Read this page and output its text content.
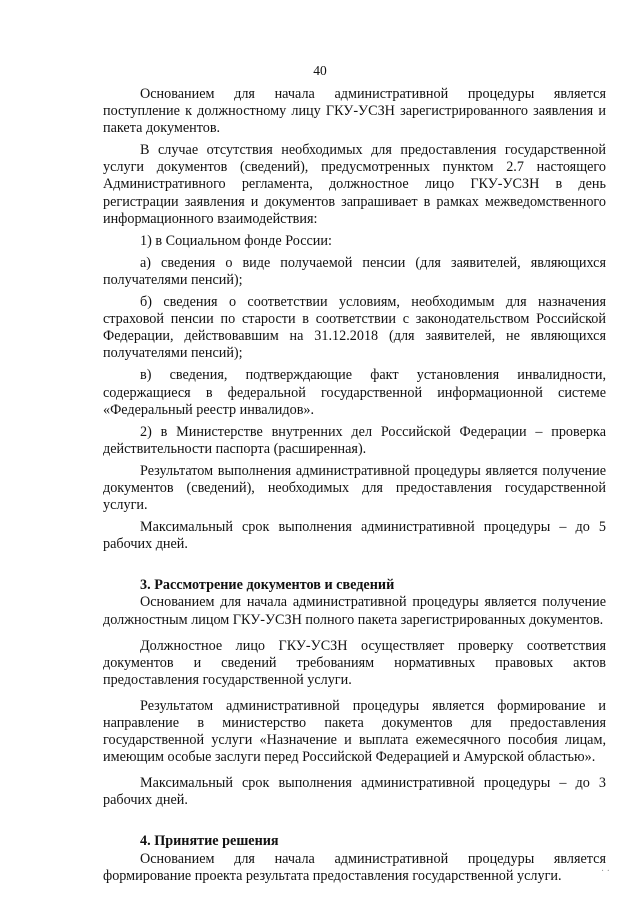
40

Основанием для начала административной процедуры является поступление к должностному лицу ГКУ-УСЗН зарегистрированного заявления и пакета документов.

В случае отсутствия необходимых для предоставления государственной услуги документов (сведений), предусмотренных пунктом 2.7 настоящего Административного регламента, должностное лицо ГКУ-УСЗН в день регистрации заявления и документов запрашивает в рамках межведомственного информационного взаимодействия:

1) в Социальном фонде России:

а) сведения о виде получаемой пенсии (для заявителей, являющихся получателями пенсий);

б) сведения о соответствии условиям, необходимым для назначения страховой пенсии по старости в соответствии с законодательством Российской Федерации, действовавшим на 31.12.2018 (для заявителей, не являющихся получателями пенсий);

в) сведения, подтверждающие факт установления инвалидности, содержащиеся в федеральной государственной информационной системе «Федеральный реестр инвалидов».

2) в Министерстве внутренних дел Российской Федерации – проверка действительности паспорта (расширенная).

Результатом выполнения административной процедуры является получение документов (сведений), необходимых для предоставления государственной услуги.

Максимальный срок выполнения административной процедуры – до 5 рабочих дней.

3. Рассмотрение документов и сведений

Основанием для начала административной процедуры является получение должностным лицом ГКУ-УСЗН полного пакета зарегистрированных документов.

Должностное лицо ГКУ-УСЗН осуществляет проверку соответствия документов и сведений требованиям нормативных правовых актов предоставления государственной услуги.

Результатом административной процедуры является формирование и направление в министерство пакета документов для предоставления государственной услуги «Назначение и выплата ежемесячного пособия лицам, имеющим особые заслуги перед Российской Федерацией и Амурской областью».

Максимальный срок выполнения административной процедуры – до 3 рабочих дней.

4. Принятие решения

Основанием для начала административной процедуры является формирование проекта результата предоставления государственной услуги.	· ·
